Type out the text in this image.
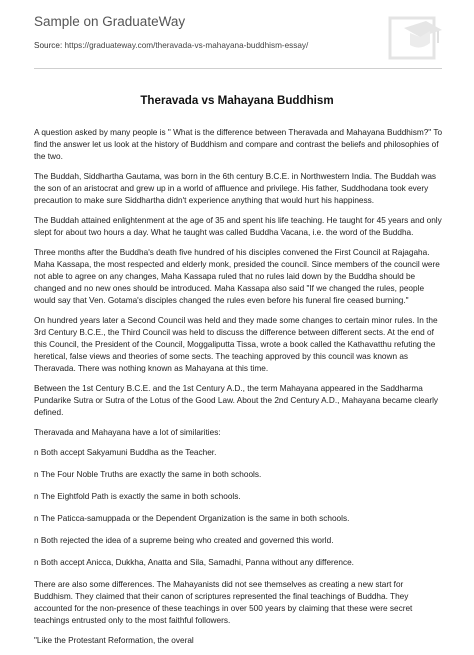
Sample on GraduateWay
Source: https://graduateway.com/theravada-vs-mahayana-buddhism-essay/
Theravada vs Mahayana Buddhism

A question asked by many people is " What is the difference between Theravada and Mahayana Buddhism?" To find the answer let us look at the history of Buddhism and compare and contrast the beliefs and philosophies of the two.

The Buddah, Siddhartha Gautama, was born in the 6th century B.C.E. in Northwestern India. The Buddah was the son of an aristocrat and grew up in a world of affluence and privilege. His father, Suddhodana took every precaution to make sure Siddhartha didn't experience anything that would hurt his happiness.

The Buddah attained enlightenment at the age of 35 and spent his life teaching. He taught for 45 years and only slept for about two hours a day. What he taught was called Buddha Vacana, i.e. the word of the Buddha.

Three months after the Buddha's death five hundred of his disciples convened the First Council at Rajagaha. Maha Kassapa, the most respected and elderly monk, presided the council. Since members of the council were not able to agree on any changes, Maha Kassapa ruled that no rules laid down by the Buddha should be changed and no new ones should be introduced. Maha Kassapa also said "If we changed the rules, people would say that Ven. Gotama's disciples changed the rules even before his funeral fire ceased burning."

On hundred years later a Second Council was held and they made some changes to certain minor rules. In the 3rd Century B.C.E., the Third Council was held to discuss the difference between different sects. At the end of this Council, the President of the Council, Moggaliputta Tissa, wrote a book called the Kathavatthu refuting the heretical, false views and theories of some sects. The teaching approved by this council was known as Theravada. There was nothing known as Mahayana at this time.

Between the 1st Century B.C.E. and the 1st Century A.D., the term Mahayana appeared in the Saddharma Pundarike Sutra or Sutra of the Lotus of the Good Law. About the 2nd Century A.D., Mahayana became clearly defined.

Theravada and Mahayana have a lot of similarities:

n Both accept Sakyamuni Buddha as the Teacher.

n The Four Noble Truths are exactly the same in both schools.

n The Eightfold Path is exactly the same in both schools.

n The Paticca-samuppada or the Dependent Organization is the same in both schools.

n Both rejected the idea of a supreme being who created and governed this world.

n Both accept Anicca, Dukkha, Anatta and Sila, Samadhi, Panna without any difference.

There are also some differences. The Mahayanists did not see themselves as creating a new start for Buddhism. They claimed that their canon of scriptures represented the final teachings of Buddha. They accounted for the non-presence of these teachings in over 500 years by claiming that these were secret teachings entrusted only to the most faithful followers.

"Like the Protestant Reformation, the overal
